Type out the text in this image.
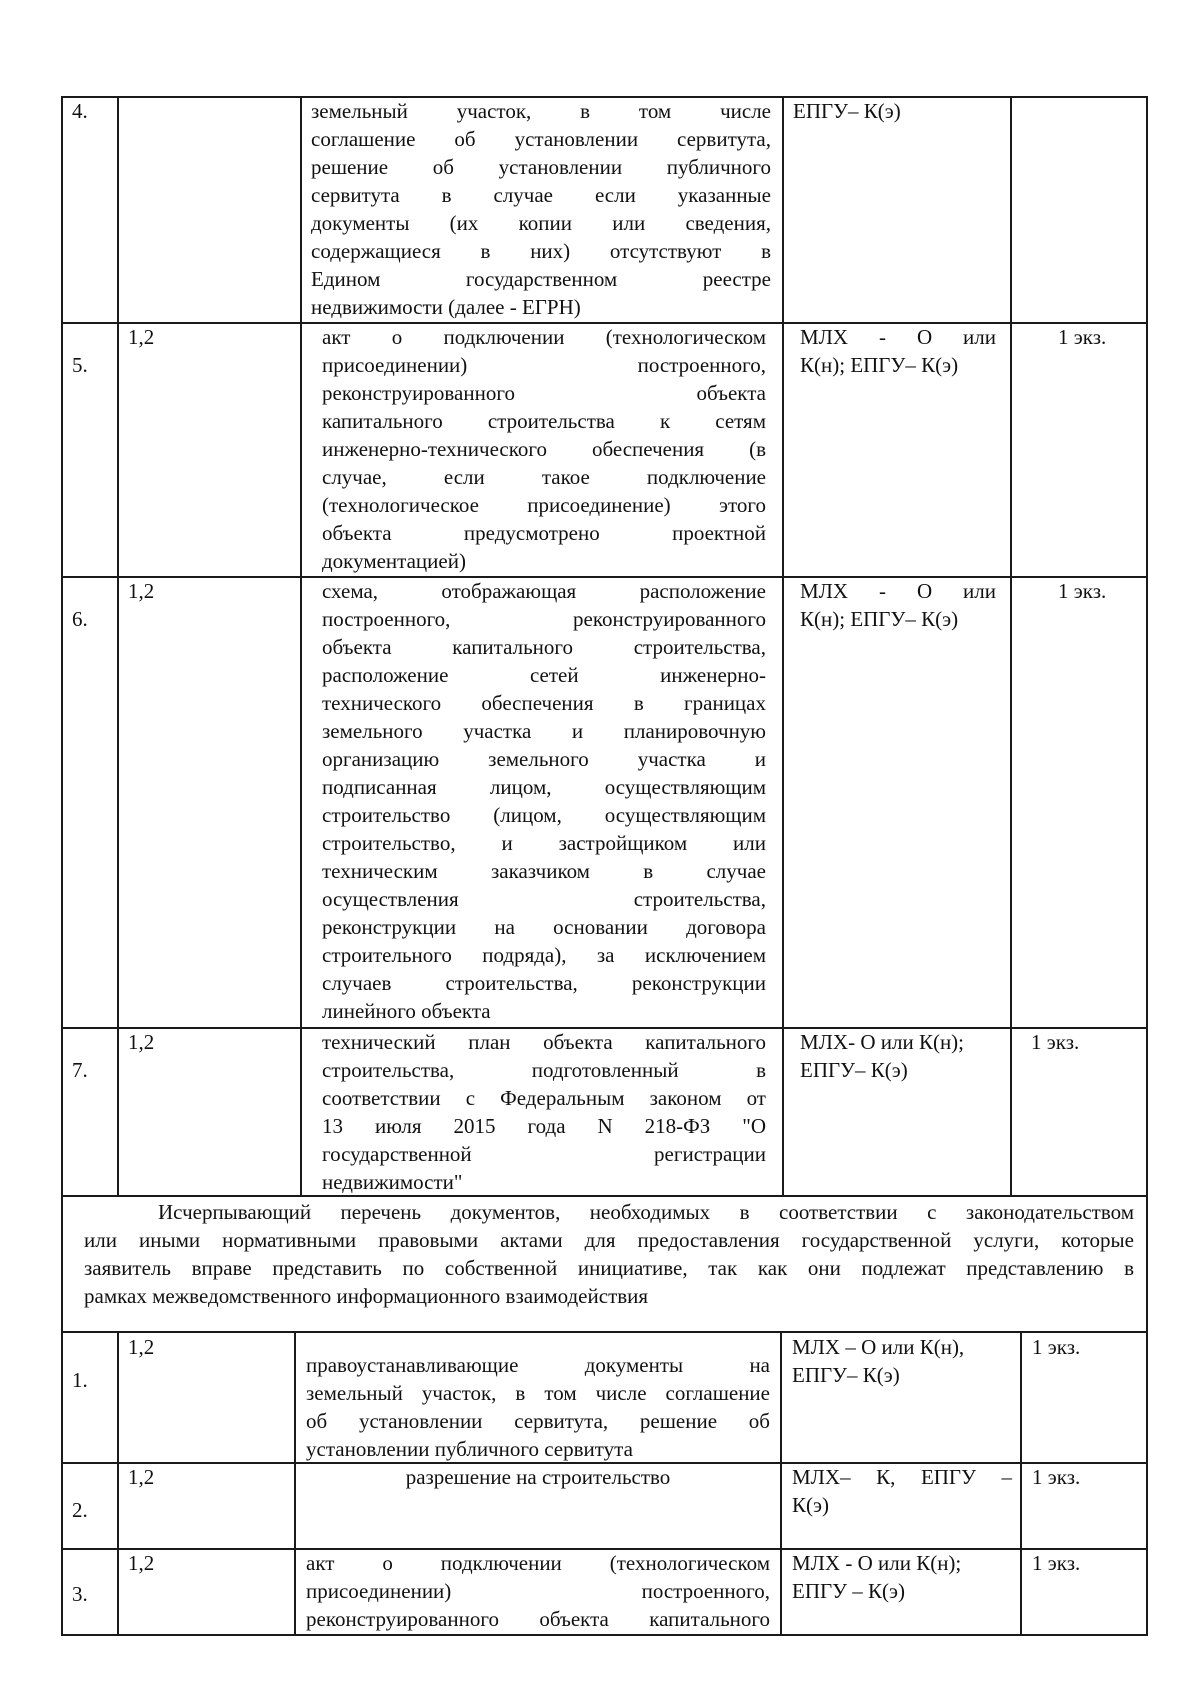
4.	земельный участок, в том числе

соглашение об установлении сервитута,

решение об установлении публичного

сервитута в случае если указанные

документы (их копии или сведения,

содержащиеся в них) отсутствуют в

Едином государственном реестре

недвижимости (далее - ЕГРН)

ЕПГУ– К(э)
1,2
5.

акт о подключении (технологическом

присоединении) построенного,

реконструированного объекта

капитального строительства к сетям

инженерно-технического обеспечения (в

случае, если такое подключение

(технологическое присоединение) этого

объекта предусмотрено проектной

документацией)

МЛХ - О или

К(н); ЕПГУ– К(э)

1 экз.
1,2
6.

схема, отображающая расположение

построенного, реконструированного

объекта капитального строительства,

расположение сетей инженерно-

технического обеспечения в границах

земельного участка и планировочную

организацию земельного участка и

подписанная лицом, осуществляющим

строительство (лицом, осуществляющим

строительство, и застройщиком или

техническим заказчиком в случае

осуществления строительства,

реконструкции на основании договора

строительного подряда), за исключением

случаев строительства, реконструкции

линейного объекта

МЛХ - О или

К(н); ЕПГУ– К(э)

1 экз.
1,2
7.

технический план объекта капитального

строительства, подготовленный в

соответствии с Федеральным законом от

13 июля 2015 года N 218-ФЗ "О

государственной регистрации

недвижимости"

МЛХ- О или К(н);

ЕПГУ– К(э)

1 экз.

Исчерпывающий перечень документов, необходимых в соответствии с законодательством

или иными нормативными правовыми актами для предоставления государственной услуги, которые

заявитель вправе представить по собственной инициативе, так как они подлежат представлению в

рамках межведомственного информационного взаимодействия

1,2
1.

правоустанавливающие документы на

земельный участок, в том числе соглашение

об установлении сервитута, решение об

установлении публичного сервитута

МЛХ – О или К(н),

ЕПГУ– К(э)

1 экз.
1,2
2.
разрешение на строительство	МЛХ– К, ЕПГУ –

К(э)

1 экз.
1,2
3.

акт о подключении (технологическом

присоединении) построенного,

реконструированного объекта капитального

МЛХ - О или К(н);

ЕПГУ – К(э)

1 экз.
